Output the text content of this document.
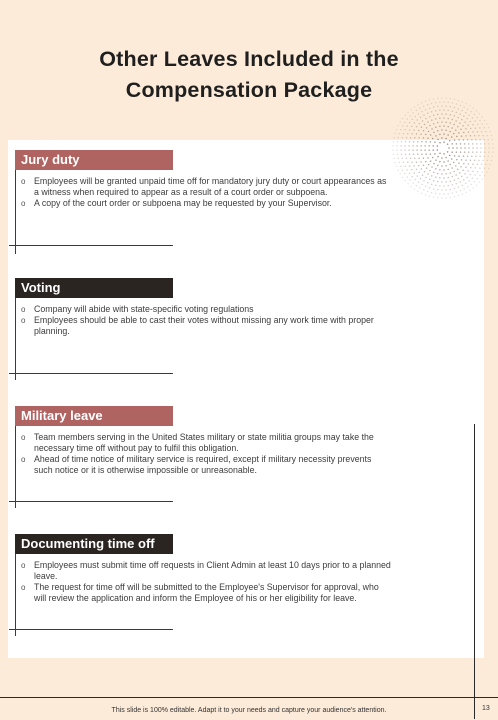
Other Leaves Included in the
Compensation Package
Jury duty
o Employees will be granted unpaid time off for mandatory jury duty or court appearances as a witness when required to appear as a result of a court order or subpoena.
o A copy of the court order or subpoena may be requested by your Supervisor.
Voting
o Company will abide with state-specific voting regulations
o Employees should be able to cast their votes without missing any work time with proper planning.
Military leave
o Team members serving in the United States military or state militia groups may take the necessary time off without pay to fulfil this obligation.
o Ahead of time notice of military service is required, except if military necessity prevents such notice or it is otherwise impossible or unreasonable.
Documenting time off
o Employees must submit time off requests in Client Admin at least 10 days prior to a planned leave.
o The request for time off will be submitted to the Employee's Supervisor for approval, who will review the application and inform the Employee of his or her eligibility for leave.
This slide is 100% editable. Adapt it to your needs and capture your audience's attention.	13
